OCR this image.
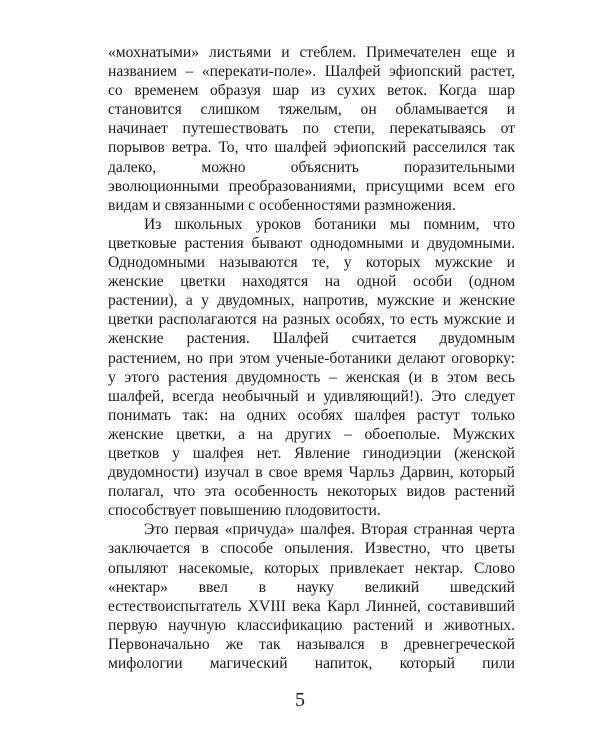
«мохнатыми» листьями и стеблем. Примечателен еще и
названием – «перекати-поле». Шалфей эфиопский растет,
со временем образуя шар из сухих веток. Когда шар
становится слишком тяжелым, он обламывается и
начинает путешествовать по степи, перекатываясь от
порывов ветра. То, что шалфей эфиопский расселился так
далеко, можно объяснить поразительными
эволюционными преобразованиями, присущими всем его
видам и связанными с особенностями размножения.

Из школьных уроков ботаники мы помним, что
цветковые растения бывают однодомными и двудомными.
Однодомными называются те, у которых мужские и
женские цветки находятся на одной особи (одном
растении), а у двудомных, напротив, мужские и женские
цветки располагаются на разных особях, то есть мужские и
женские растения. Шалфей считается двудомным
растением, но при этом ученые-ботаники делают оговорку:
у этого растения двудомность – женская (и в этом весь
шалфей, всегда необычный и удивляющий!). Это следует
понимать так: на одних особях шалфея растут только
женские цветки, а на других – обоеполые. Мужских
цветков у шалфея нет. Явление гинодиэции (женской
двудомности) изучал в свое время Чарльз Дарвин, который
полагал, что эта особенность некоторых видов растений
способствует повышению плодовитости.

Это первая «причуда» шалфея. Вторая странная черта
заключается в способе опыления. Известно, что цветы
опыляют насекомые, которых привлекает нектар. Слово
«нектар» ввел в науку великий шведский
естествоиспытатель XVIII века Карл Линней, составивший
первую научную классификацию растений и животных.
Первоначально же так назывался в древнегреческой
мифологии магический напиток, который пили

5
